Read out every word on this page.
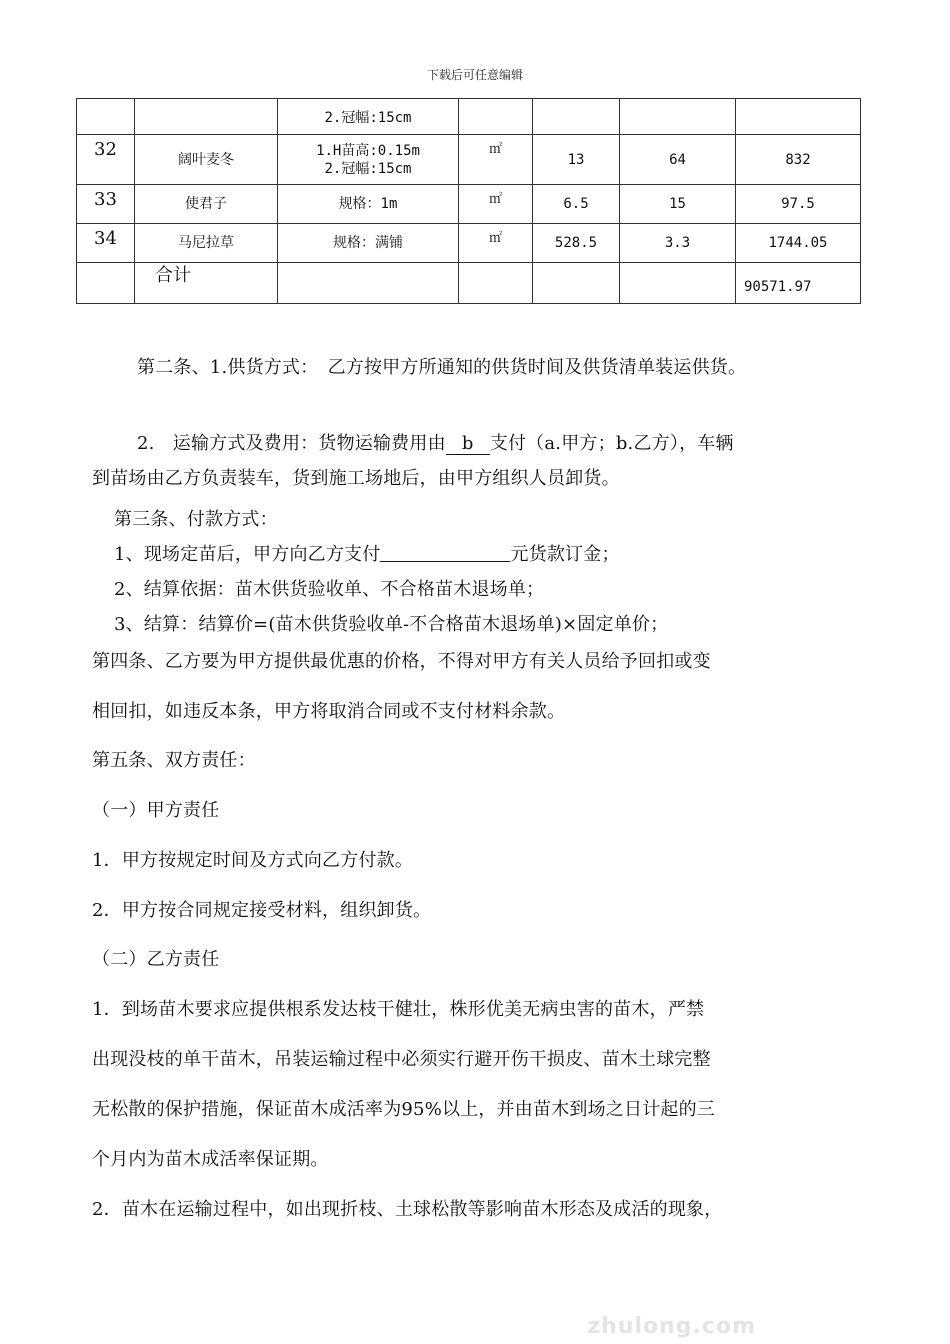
下载后可任意编辑

		2.冠幅:15cm				

32	阔叶麦冬	1.H苗高:0.15m
2.冠幅:15cm	㎡	13	64	832
33	使君子	规格：1m	㎡	6.5	15	97.5
34	马尼拉草	规格：满铺	㎡	528.5	3.3	1744.05
	合计					90571.97
第二条、1.供货方式：　乙方按甲方所通知的供货时间及供货清单装运供货。
2.　运输方式及费用：货物运输费用由 b 支付（a.甲方；b.乙方），车辆
到苗场由乙方负责装车，货到施工场地后，由甲方组织人员卸货。
第三条、付款方式：
1、现场定苗后，甲方向乙方支付	元货款订金；
2、结算依据：苗木供货验收单、不合格苗木退场单；
3、结算：结算价=(苗木供货验收单-不合格苗木退场单)×固定单价；
第四条、乙方要为甲方提供最优惠的价格，不得对甲方有关人员给予回扣或变
相回扣，如违反本条，甲方将取消合同或不支付材料余款。
第五条、双方责任：
（一）甲方责任
1．甲方按规定时间及方式向乙方付款。
2．甲方按合同规定接受材料，组织卸货。
（二）乙方责任
1．到场苗木要求应提供根系发达枝干健壮，株形优美无病虫害的苗木，严禁
出现没枝的单干苗木，吊装运输过程中必须实行避开伤干损皮、苗木土球完整
无松散的保护措施，保证苗木成活率为95%以上，并由苗木到场之日计起的三
个月内为苗木成活率保证期。
2．苗木在运输过程中，如出现折枝、土球松散等影响苗木形态及成活的现象，
zhulong.com
